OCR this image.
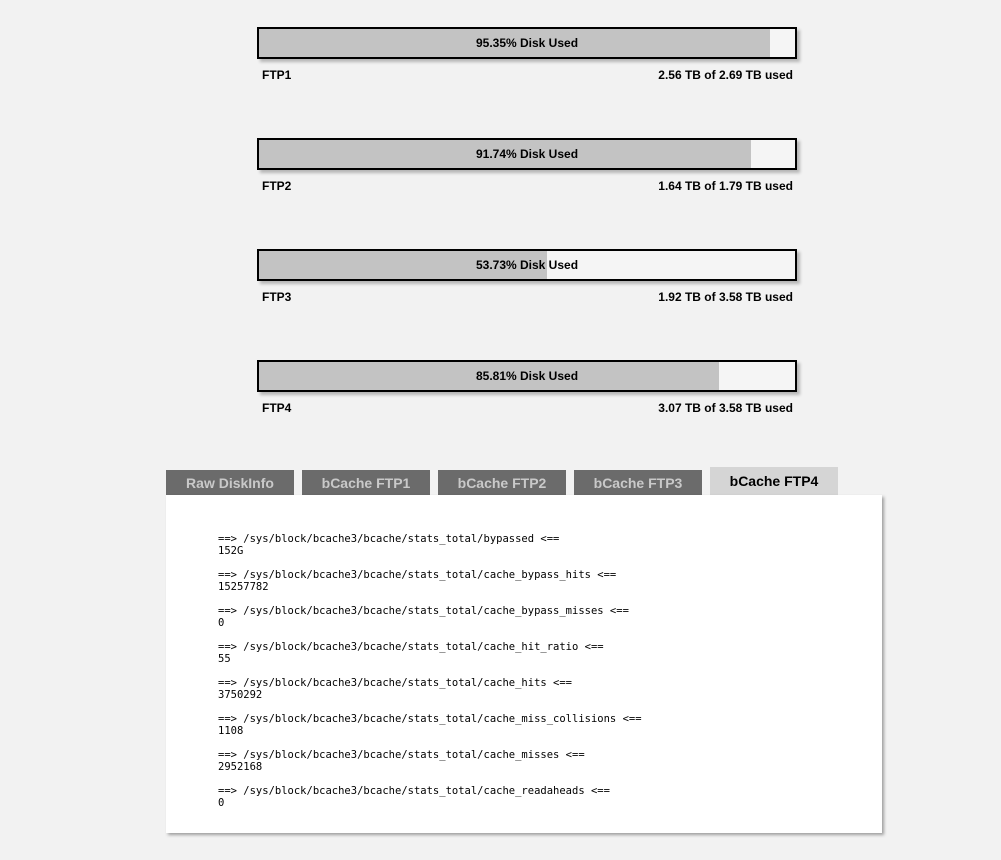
95.35% Disk Used
FTP1	2.56 TB of 2.69 TB used
91.74% Disk Used
FTP2	1.64 TB of 1.79 TB used
53.73% Disk Used
FTP3	1.92 TB of 3.58 TB used
85.81% Disk Used
FTP4	3.07 TB of 3.58 TB used
Raw DiskInfo	bCache FTP1	bCache FTP2	bCache FTP3	bCache FTP4
==> /sys/block/bcache3/bcache/stats_total/bypassed <==
152G
==> /sys/block/bcache3/bcache/stats_total/cache_bypass_hits <==
15257782
==> /sys/block/bcache3/bcache/stats_total/cache_bypass_misses <==
0
==> /sys/block/bcache3/bcache/stats_total/cache_hit_ratio <==
55
==> /sys/block/bcache3/bcache/stats_total/cache_hits <==
3750292
==> /sys/block/bcache3/bcache/stats_total/cache_miss_collisions <==
1108
==> /sys/block/bcache3/bcache/stats_total/cache_misses <==
2952168
==> /sys/block/bcache3/bcache/stats_total/cache_readaheads <==
0
